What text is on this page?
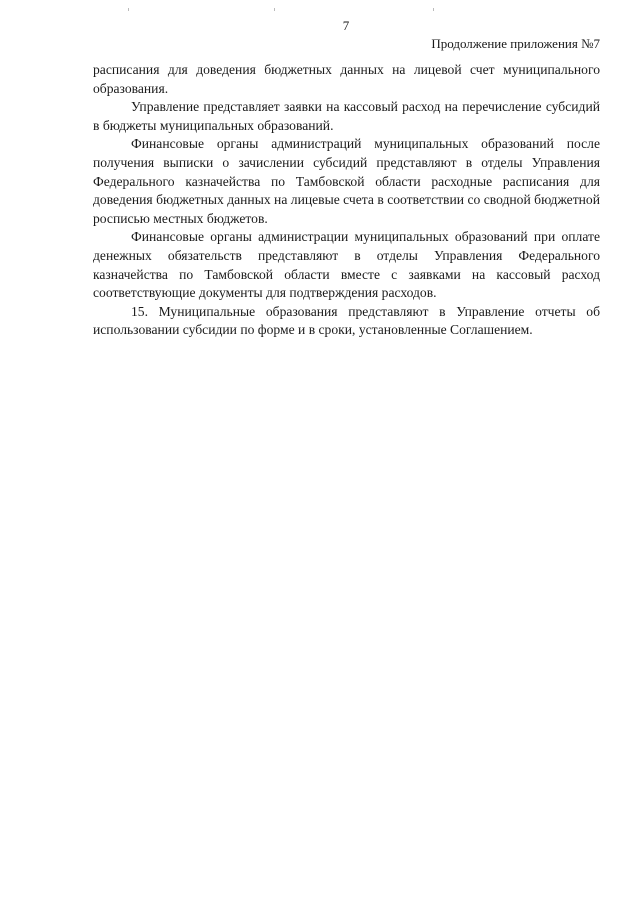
7
Продолжение приложения №7

расписания для доведения бюджетных данных на лицевой счет муниципального образования.

Управление представляет заявки на кассовый расход на перечисление субсидий в бюджеты муниципальных образований.

Финансовые органы администраций муниципальных образований после получения выписки о зачислении субсидий представляют в отделы Управления Федерального казначейства по Тамбовской области расходные расписания для доведения бюджетных данных на лицевые счета в соответствии со сводной бюджетной росписью местных бюджетов.

Финансовые органы администрации муниципальных образований при оплате денежных обязательств представляют в отделы Управления Федерального казначейства по Тамбовской области вместе с заявками на кассовый расход соответствующие документы для подтверждения расходов.

15. Муниципальные образования представляют в Управление отчеты об использовании субсидии по форме и в сроки, установленные Соглашением.
